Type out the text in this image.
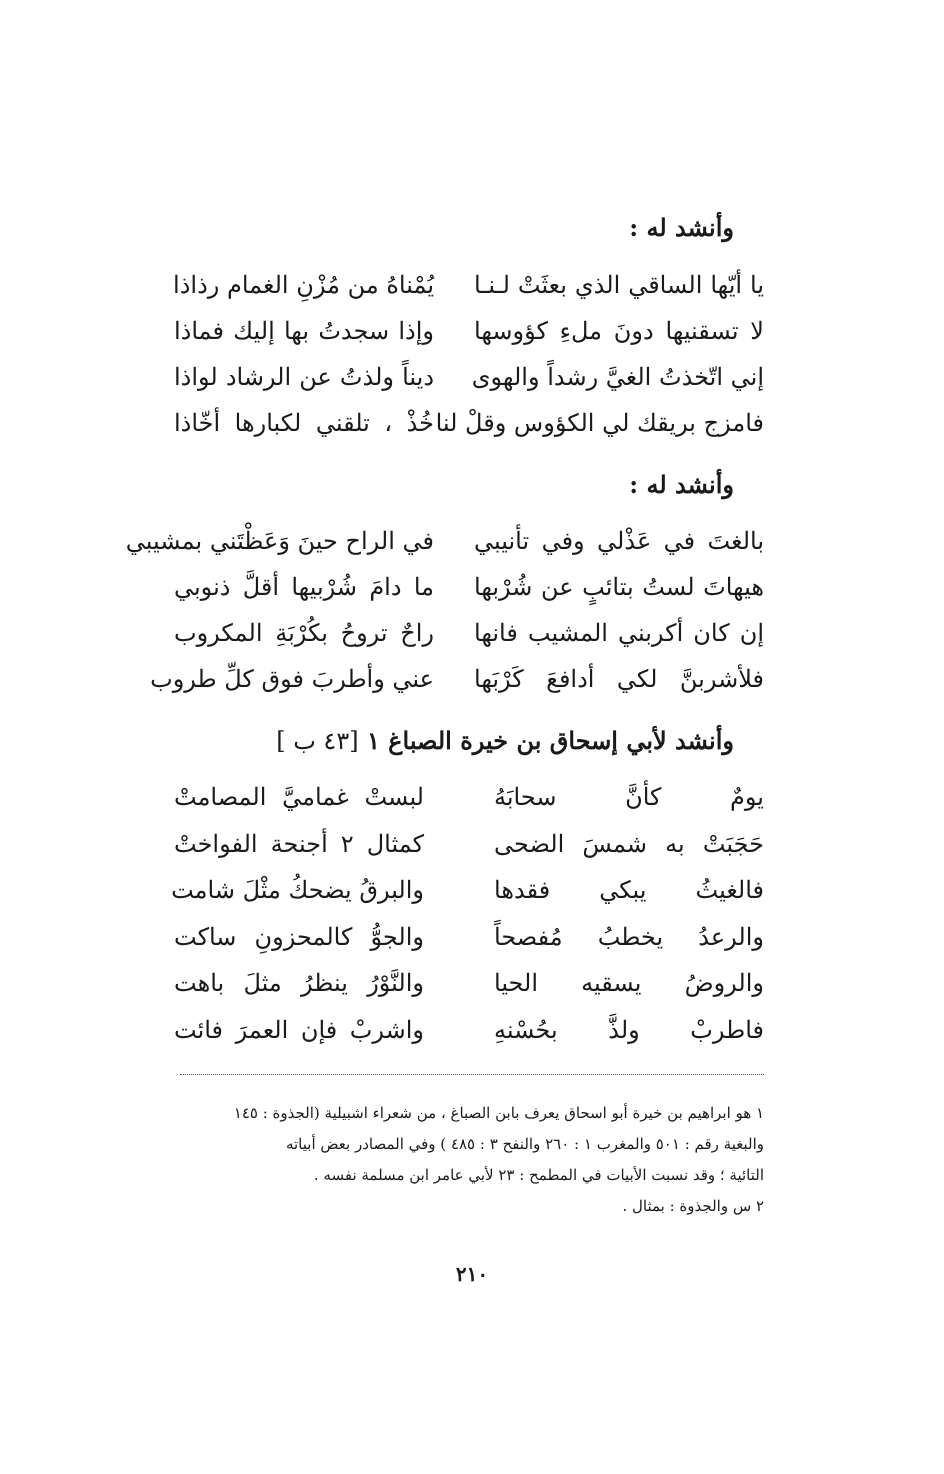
وأنشد له :
يا أيّها الساقي الذي بعثَتْ لـنـا
يُمْناهُ من مُزْنِ الغمام رذاذا
لا تسقنيها دونَ ملءِ كؤوسها
وإذا سجدتُ بها إليك فماذا
إني اتّخذتُ الغيَّ رشداً والهوى
ديناً ولذتُ عن الرشاد لواذا
فامزج بريقك لي الكؤوس وقلْ لنا
خُذْ ، تلقني لكبارها أخّاذا
وأنشد له :
بالغتَ في عَذْلي وفي تأنيبي
في الراح حينَ وَعَظْتَني بمشيبي
هيهاتَ لستُ بتائبٍ عن شُرْبها
ما دامَ شُرْبيها أقلَّ ذنوبي
إن كان أكربني المشيب فانها
راحٌ تروحُ بكُرْبَةِ المكروب
فلأشربنَّ لكي أدافعَ كَرْبَها
عني وأطربَ فوق كلِّ طروب
وأنشد لأبي إسحاق بن خيرة الصباغ ١ [٤٣ ب ]
يومٌ كأنَّ سحابَهُ
لبستْ غماميَّ المصامتْ
حَجَبَتْ به شمسَ الضحى
كمثال ٢ أجنحة الفواختْ
فالغيثُ يبكي فقدها
والبرقُ يضحكُ مثْلَ شامت
والرعدُ يخطبُ مُفصحاً
والجوُّ كالمحزونِ ساكت
والروضُ يسقيه الحيا
والنَّوْرُ ينظرُ مثلَ باهت
فاطربْ ولذَّ بحُسْنهِ
واشربْ فإن العمرَ فائت
١ هو ابراهيم بن خيرة أبو اسحاق يعرف بابن الصباغ ، من شعراء اشبيلية (الجذوة : ١٤٥
والبغية رقم : ٥٠١ والمغرب ١ : ٢٦٠ والنفح ٣ : ٤٨٥ ) وفي المصادر بعض أبياته
التائية ؛ وقد نسبت الأبيات في المطمح : ٢٣ لأبي عامر ابن مسلمة نفسه .
٢ س والجذوة : بمثال .
٢١٠
